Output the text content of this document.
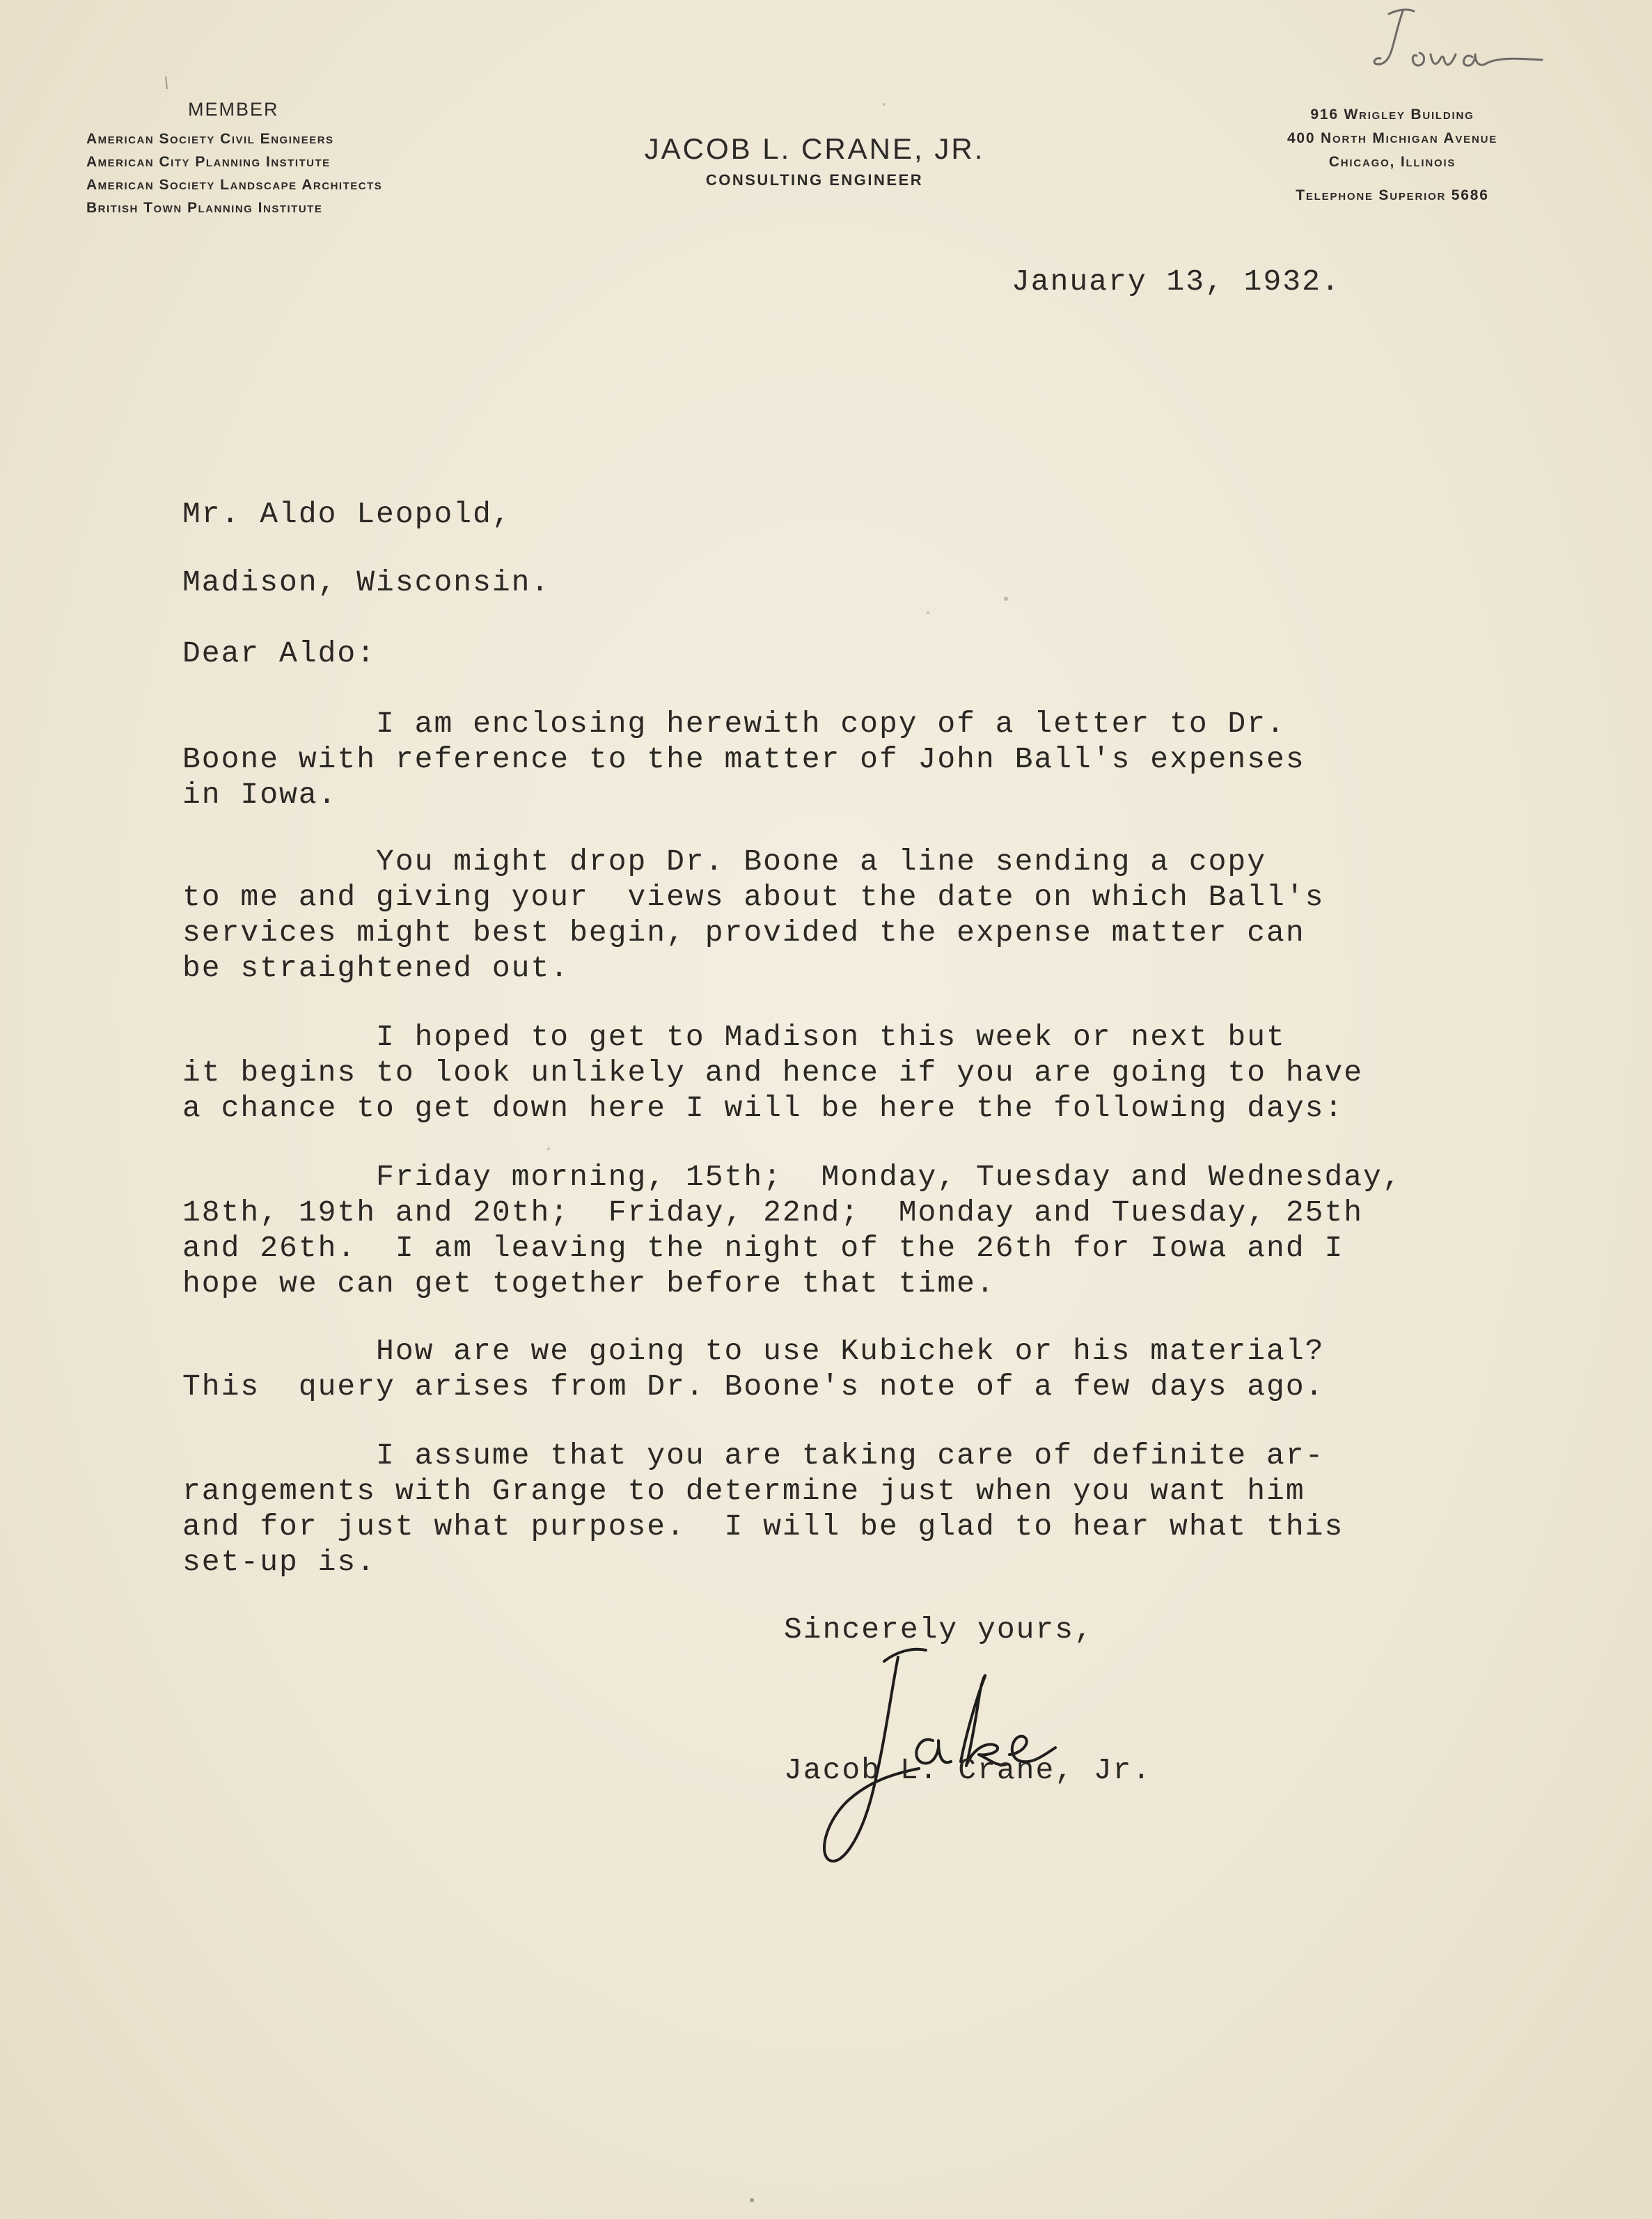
MEMBER
American Society Civil Engineers
American City Planning Institute
American Society Landscape Architects
British Town Planning Institute
JACOB L. CRANE, JR.
CONSULTING ENGINEER
916 Wrigley Building
400 North Michigan Avenue
Chicago, Illinois
Telephone Superior 5686
January 13, 1932.
Mr. Aldo Leopold,
Madison, Wisconsin.
Dear Aldo:
I am enclosing herewith copy of a letter to Dr.
Boone with reference to the matter of John Ball's expenses
in Iowa.
You might drop Dr. Boone a line sending a copy
to me and giving your  views about the date on which Ball's
services might best begin, provided the expense matter can
be straightened out.
I hoped to get to Madison this week or next but
it begins to look unlikely and hence if you are going to have
a chance to get down here I will be here the following days:
Friday morning, 15th;  Monday, Tuesday and Wednesday,
18th, 19th and 20th;  Friday, 22nd;  Monday and Tuesday, 25th
and 26th.  I am leaving the night of the 26th for Iowa and I
hope we can get together before that time.
How are we going to use Kubichek or his material?
This  query arises from Dr. Boone's note of a few days ago.
I assume that you are taking care of definite ar-
rangements with Grange to determine just when you want him
and for just what purpose.  I will be glad to hear what this
set-up is.
Sincerely yours,
Jacob L. Crane, Jr.
